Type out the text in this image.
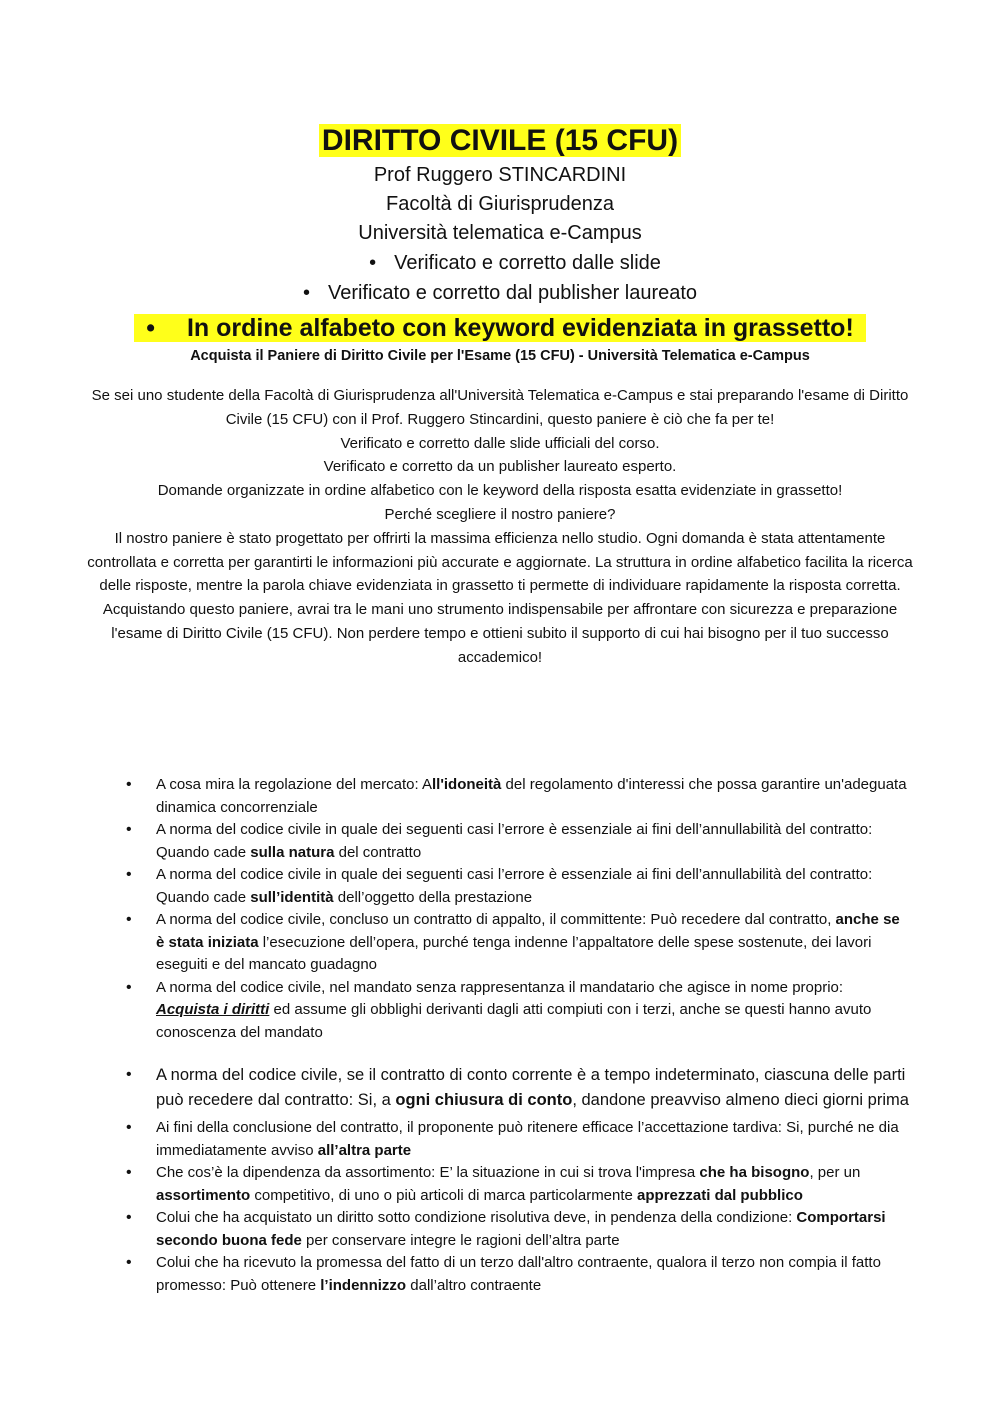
DIRITTO CIVILE (15 CFU)
Prof Ruggero STINCARDINI
Facoltà di Giurisprudenza
Università telematica e-Campus
• Verificato e corretto dalle slide
• Verificato e corretto dal publisher laureato
• In ordine alfabeto con keyword evidenziata in grassetto!
Acquista il Paniere di Diritto Civile per l'Esame (15 CFU) - Università Telematica e-Campus

Se sei uno studente della Facoltà di Giurisprudenza all'Università Telematica e-Campus e stai preparando l'esame di Diritto Civile (15 CFU) con il Prof. Ruggero Stincardini, questo paniere è ciò che fa per te!

Verificato e corretto dalle slide ufficiali del corso.

Verificato e corretto da un publisher laureato esperto.

Domande organizzate in ordine alfabetico con le keyword della risposta esatta evidenziate in grassetto!

Perché scegliere il nostro paniere?

Il nostro paniere è stato progettato per offrirti la massima efficienza nello studio. Ogni domanda è stata attentamente controllata e corretta per garantirti le informazioni più accurate e aggiornate. La struttura in ordine alfabetico facilita la ricerca delle risposte, mentre la parola chiave evidenziata in grassetto ti permette di individuare rapidamente la risposta corretta.

Acquistando questo paniere, avrai tra le mani uno strumento indispensabile per affrontare con sicurezza e preparazione l'esame di Diritto Civile (15 CFU). Non perdere tempo e ottieni subito il supporto di cui hai bisogno per il tuo successo accademico!

• A cosa mira la regolazione del mercato: All'idoneità del regolamento d'interessi che possa garantire un'adeguata dinamica concorrenziale
• A norma del codice civile in quale dei seguenti casi l’errore è essenziale ai fini dell’annullabilità del contratto: Quando cade sulla natura del contratto
• A norma del codice civile in quale dei seguenti casi l’errore è essenziale ai fini dell’annullabilità del contratto: Quando cade sull’identità dell’oggetto della prestazione
• A norma del codice civile, concluso un contratto di appalto, il committente: Può recedere dal contratto, anche se è stata iniziata l’esecuzione dell’opera, purché tenga indenne l’appaltatore delle spese sostenute, dei lavori eseguiti e del mancato guadagno
• A norma del codice civile, nel mandato senza rappresentanza il mandatario che agisce in nome proprio: Acquista i diritti ed assume gli obblighi derivanti dagli atti compiuti con i terzi, anche se questi hanno avuto conoscenza del mandato
• A norma del codice civile, se il contratto di conto corrente è a tempo indeterminato, ciascuna delle parti può recedere dal contratto: Si, a ogni chiusura di conto, dandone preavviso almeno dieci giorni prima
• Ai fini della conclusione del contratto, il proponente può ritenere efficace l’accettazione tardiva: Si, purché ne dia immediatamente avviso all’altra parte
• Che cos’è la dipendenza da assortimento: E’ la situazione in cui si trova l'impresa che ha bisogno, per un assortimento competitivo, di uno o più articoli di marca particolarmente apprezzati dal pubblico
• Colui che ha acquistato un diritto sotto condizione risolutiva deve, in pendenza della condizione: Comportarsi secondo buona fede per conservare integre le ragioni dell’altra parte
• Colui che ha ricevuto la promessa del fatto di un terzo dall'altro contraente, qualora il terzo non compia il fatto promesso: Può ottenere l’indennizzo dall’altro contraente
